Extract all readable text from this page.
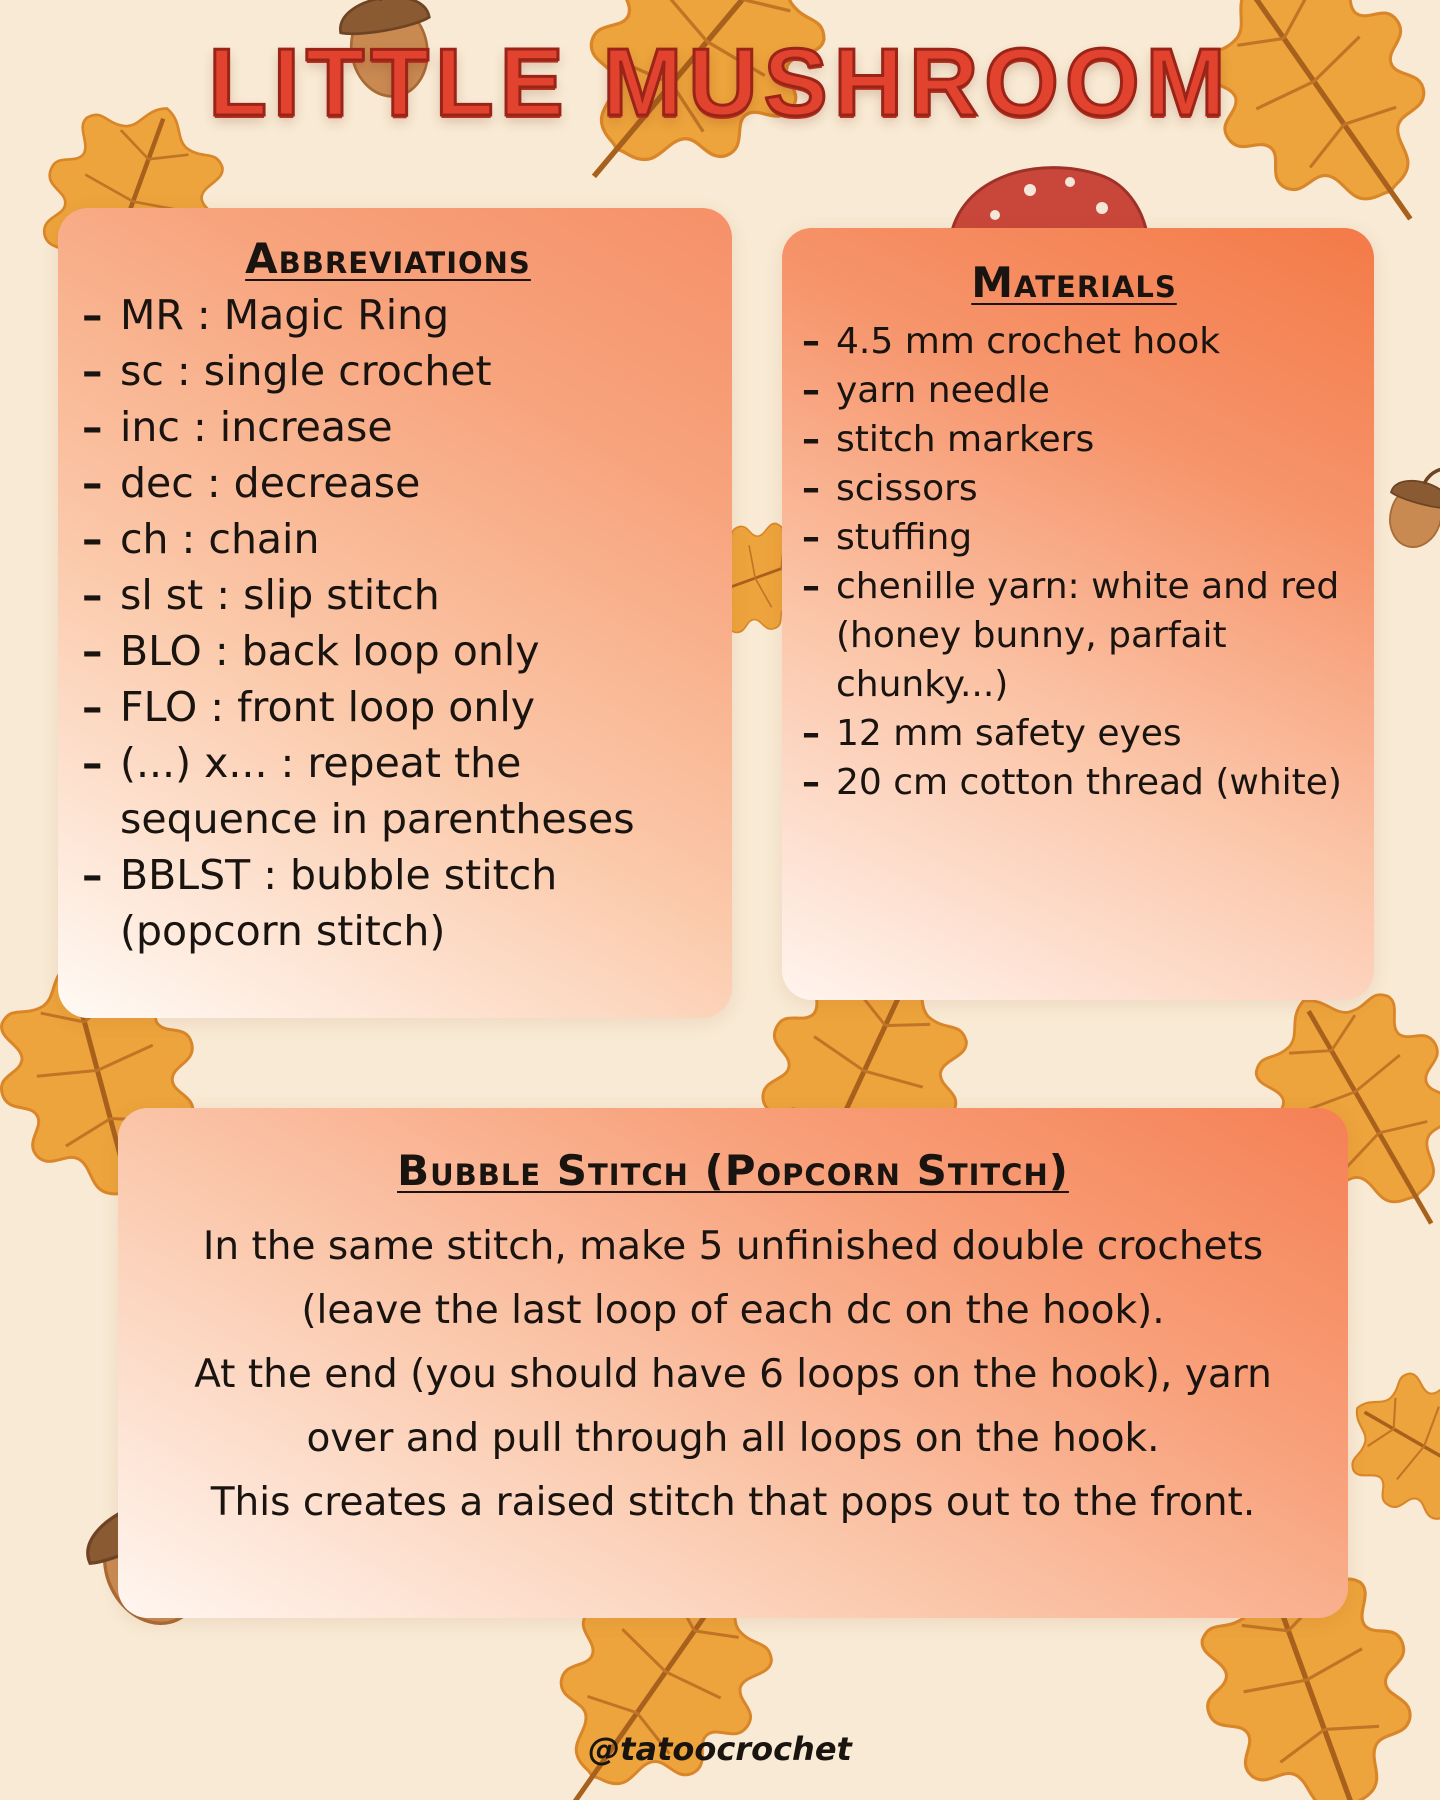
LITTLE MUSHROOM
Abbreviations
– MR : Magic Ring
– sc : single crochet
– inc : increase
– dec : decrease
– ch : chain
– sl st : slip stitch
– BLO : back loop only
– FLO : front loop only
– (...) x... : repeat the sequence in parentheses
– BBLST : bubble stitch (popcorn stitch)
Materials
– 4.5 mm crochet hook
– yarn needle
– stitch markers
– scissors
– stuffing
– chenille yarn: white and red (honey bunny, parfait chunky...)
– 12 mm safety eyes
– 20 cm cotton thread (white)
Bubble Stitch (Popcorn Stitch)

In the same stitch, make 5 unfinished double crochets
(leave the last loop of each dc on the hook).
At the end (you should have 6 loops on the hook), yarn
over and pull through all loops on the hook.
This creates a raised stitch that pops out to the front.

@tatoocrochet
